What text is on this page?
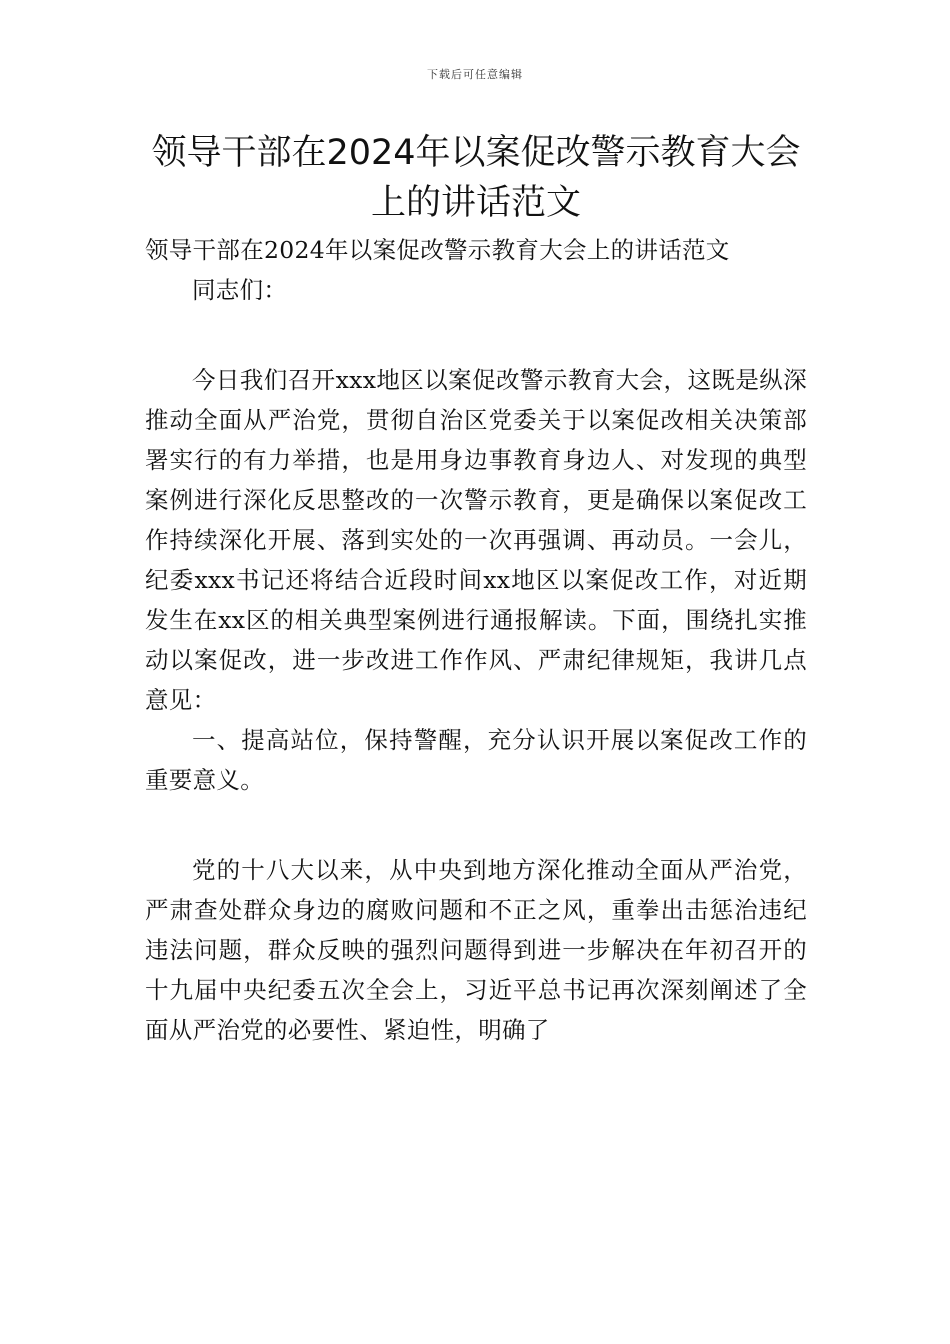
下载后可任意编辑
领导干部在2024年以案促改警示教育大会上的讲话范文

领导干部在2024年以案促改警示教育大会上的讲话范文

同志们：

今日我们召开xxx地区以案促改警示教育大会，这既是纵深推动全面从严治党，贯彻自治区党委关于以案促改相关决策部署实行的有力举措，也是用身边事教育身边人、对发现的典型案例进行深化反思整改的一次警示教育，更是确保以案促改工作持续深化开展、落到实处的一次再强调、再动员。一会儿，纪委xxx书记还将结合近段时间xx地区以案促改工作，对近期发生在xx区的相关典型案例进行通报解读。下面，围绕扎实推动以案促改，进一步改进工作作风、严肃纪律规矩，我讲几点意见：

一、提高站位，保持警醒，充分认识开展以案促改工作的重要意义。

党的十八大以来，从中央到地方深化推动全面从严治党，严肃查处群众身边的腐败问题和不正之风，重拳出击惩治违纪违法问题，群众反映的强烈问题得到进一步解决在年初召开的十九届中央纪委五次全会上，习近平总书记再次深刻阐述了全面从严治党的必要性、紧迫性，明确了
